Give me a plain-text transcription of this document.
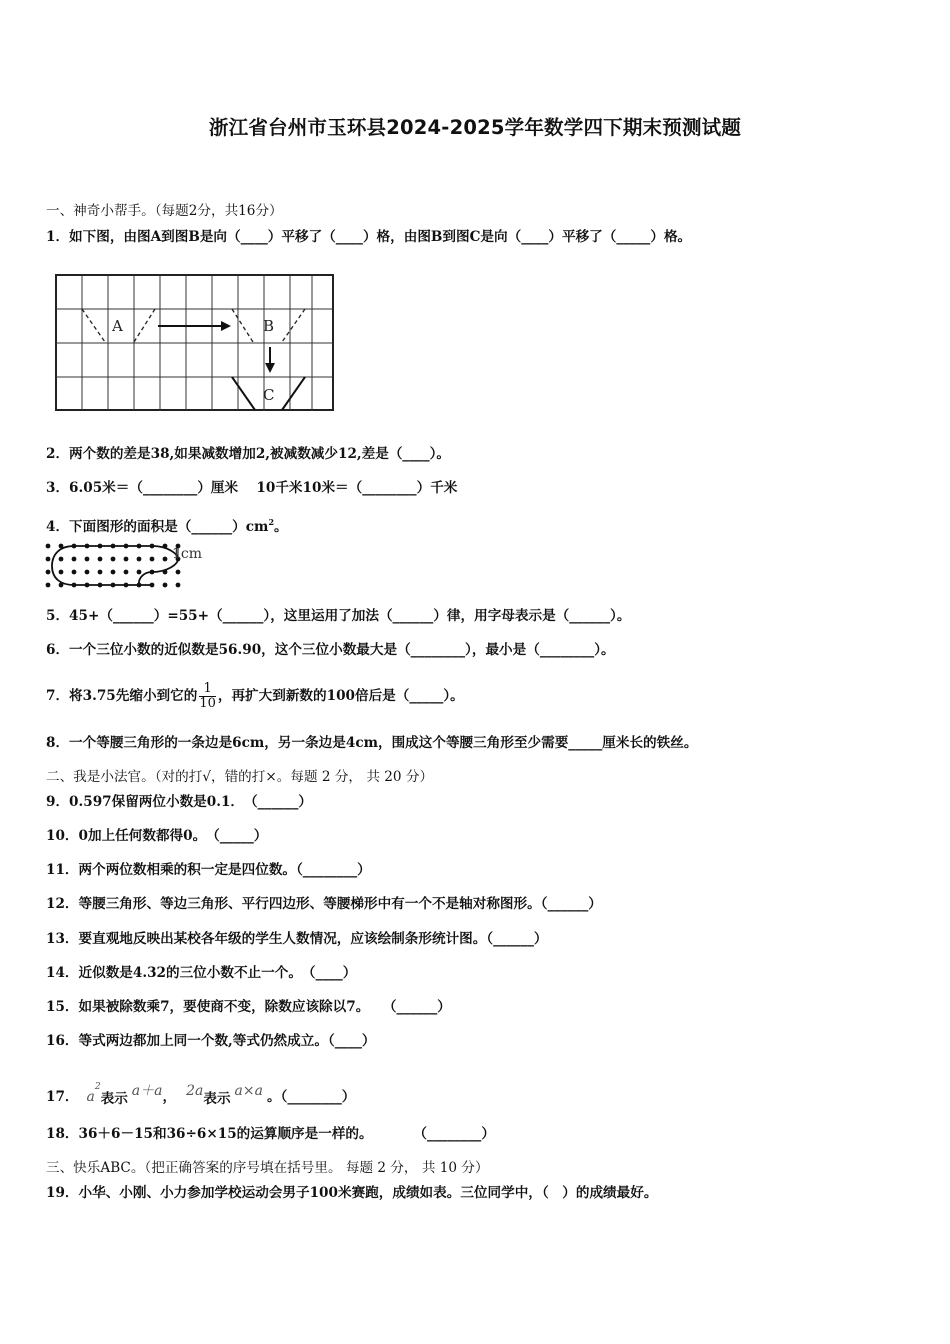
浙江省台州市玉环县2024-2025学年数学四下期末预测试题
一、神奇小帮手。（每题2分，共16分）
1．如下图，由图A到图B是向（____）平移了（____）格，由图B到图C是向（____）平移了（_____）格。
A	B
C
2．两个数的差是38,如果减数增加2,被减数减少12,差是（____）。
3．6.05米＝（________）厘米　 10千米10米＝（________）千米
4．下面图形的面积是$(\_\_\_\_\_\_)cm^2$。
1cm
5．45+（______）=55+（______），这里运用了加法（______）律，用字母表示是（______）。
6．一个三位小数的近似数是56.90，这个三位小数最大是（________），最小是（________）。
7．将3.75先缩小到它的 $\frac{1}{10}$ ，再扩大到新数的100倍后是（_____）。
8．一个等腰三角形的一条边是6cm，另一条边是4cm，围成这个等腰三角形至少需要_____厘米长的铁丝。
二、我是小法官。（对的打√，错的打×。每题 2 分， 共 20 分）
9．0.597保留两位小数是0.1．　（______）
10．0加上任何数都得0。　（_____）
11．两个两位数相乘的积一定是四位数。（________）
12．等腰三角形、等边三角形、平行四边形、等腰梯形中有一个不是轴对称图形。（______）
13．要直观地反映出某校各年级的学生人数情况，应该绘制条形统计图。（______）
14．近似数是4.32的三位小数不止一个。　（____）
15．如果被除数乘7，要使商不变，除数应该除以7。　　（______）
16．等式两边都加上同一个数,等式仍然成立。（____）
17． $a^2$表示 a＋a， 2a表示 a×a 。（________）
18．36＋6－15和36÷6×15的运算顺序是一样的。　　　　（________）
三、快乐ABC。（把正确答案的序号填在括号里。 每题 2 分， 共 10 分）
19．小华、小刚、小力参加学校运动会男子100米赛跑，成绩如表。三位同学中，（　）的成绩最好。
